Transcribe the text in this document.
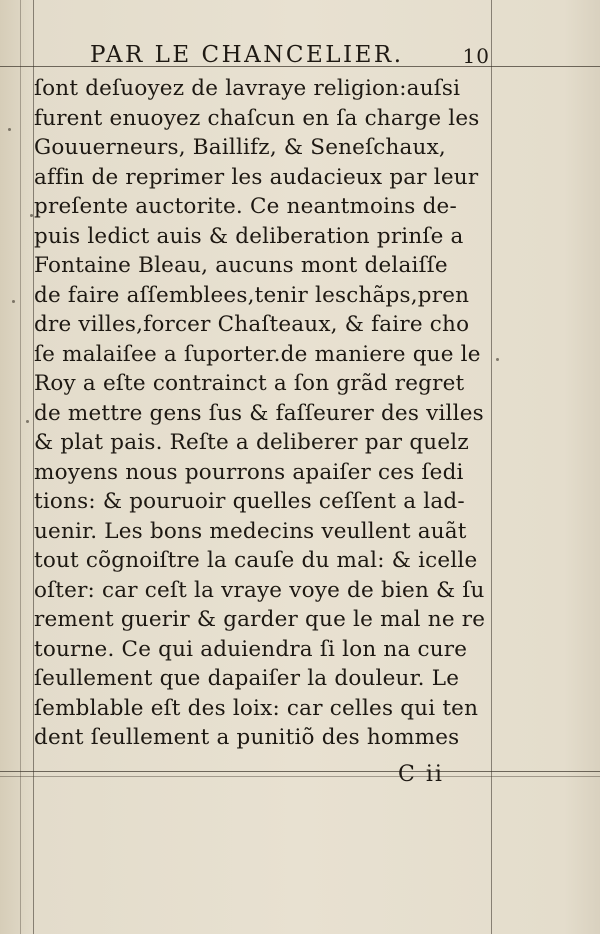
PAR LE CHANCELIER.	10
ſont deſuoyez de lavraye religion:auſsi
furent enuoyez chaſcun en ſa charge les
Gouuerneurs, Baillifz, & Seneſchaux,
affin de reprimer les audacieux par leur
preſente auctorite. Ce neantmoins de-
puis ledict auis & deliberation prinſe a
Fontaine Bleau, aucuns mont delaiſſe
de faire aſſemblees,tenir leschãps,pren
dre villes,forcer Chaſteaux, & faire cho
ſe malaiſee a ſuporter.de maniere que le
Roy a eſte contrainct a ſon grãd regret
de mettre gens ſus & faſſeurer des villes
& plat pais. Reſte a deliberer par quelz
moyens nous pourrons apaiſer ces ſedi
tions: & pouruoir quelles ceſſent a lad-
uenir. Les bons medecins veullent auãt
tout cõgnoiſtre la cauſe du mal: & icelle
oſter: car ceſt la vraye voye de bien & ſu
rement guerir & garder que le mal ne re
tourne. Ce qui aduiendra ſi lon na cure
ſeullement que dapaiſer la douleur. Le
ſemblable eſt des loix: car celles qui ten
dent ſeullement a punitiõ des hommes
C ii
